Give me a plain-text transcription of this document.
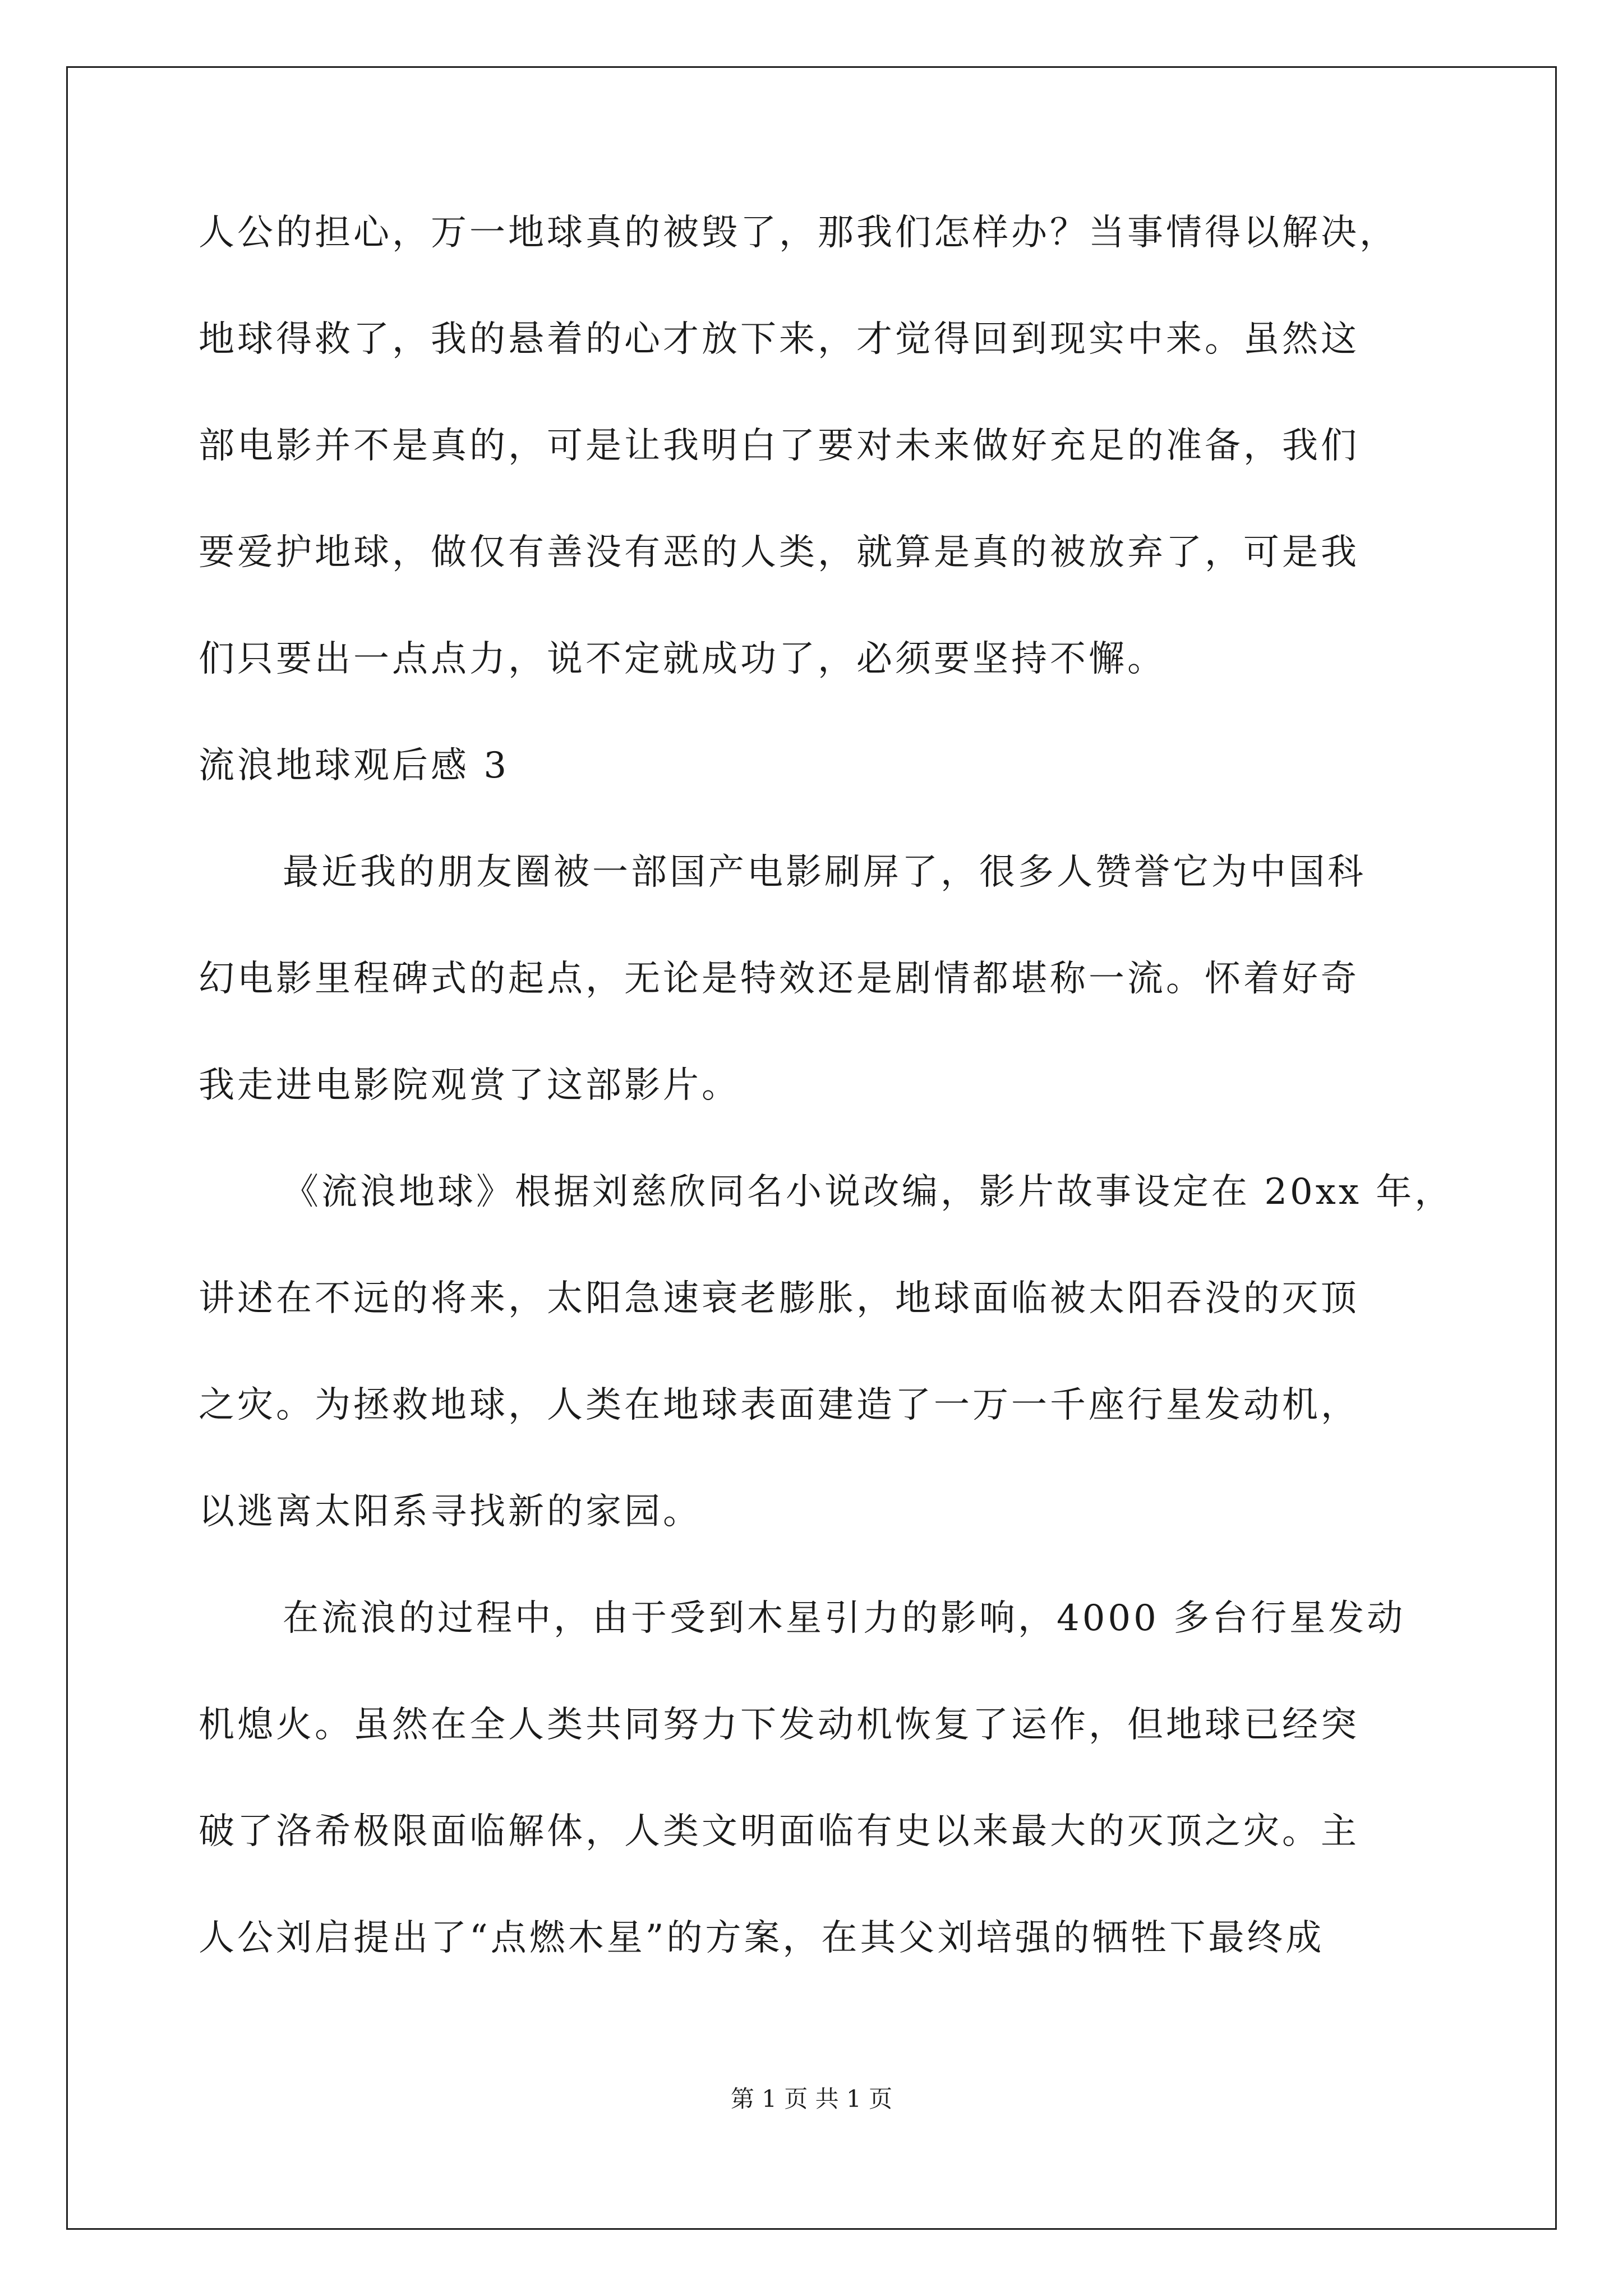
人公的担心，万一地球真的被毁了，那我们怎样办？当事情得以解决，
地球得救了，我的悬着的心才放下来，才觉得回到现实中来。虽然这
部电影并不是真的，可是让我明白了要对未来做好充足的准备，我们
要爱护地球，做仅有善没有恶的人类，就算是真的被放弃了，可是我
们只要出一点点力，说不定就成功了，必须要坚持不懈。
流浪地球观后感 3
最近我的朋友圈被一部国产电影刷屏了，很多人赞誉它为中国科
幻电影里程碑式的起点，无论是特效还是剧情都堪称一流。怀着好奇
我走进电影院观赏了这部影片。
《流浪地球》根据刘慈欣同名小说改编，影片故事设定在 20xx 年，
讲述在不远的将来，太阳急速衰老膨胀，地球面临被太阳吞没的灭顶
之灾。为拯救地球，人类在地球表面建造了一万一千座行星发动机，
以逃离太阳系寻找新的家园。
在流浪的过程中，由于受到木星引力的影响，4000 多台行星发动
机熄火。虽然在全人类共同努力下发动机恢复了运作，但地球已经突
破了洛希极限面临解体，人类文明面临有史以来最大的灭顶之灾。主
人公刘启提出了“点燃木星”的方案，在其父刘培强的牺牲下最终成
第 1 页 共 1 页
